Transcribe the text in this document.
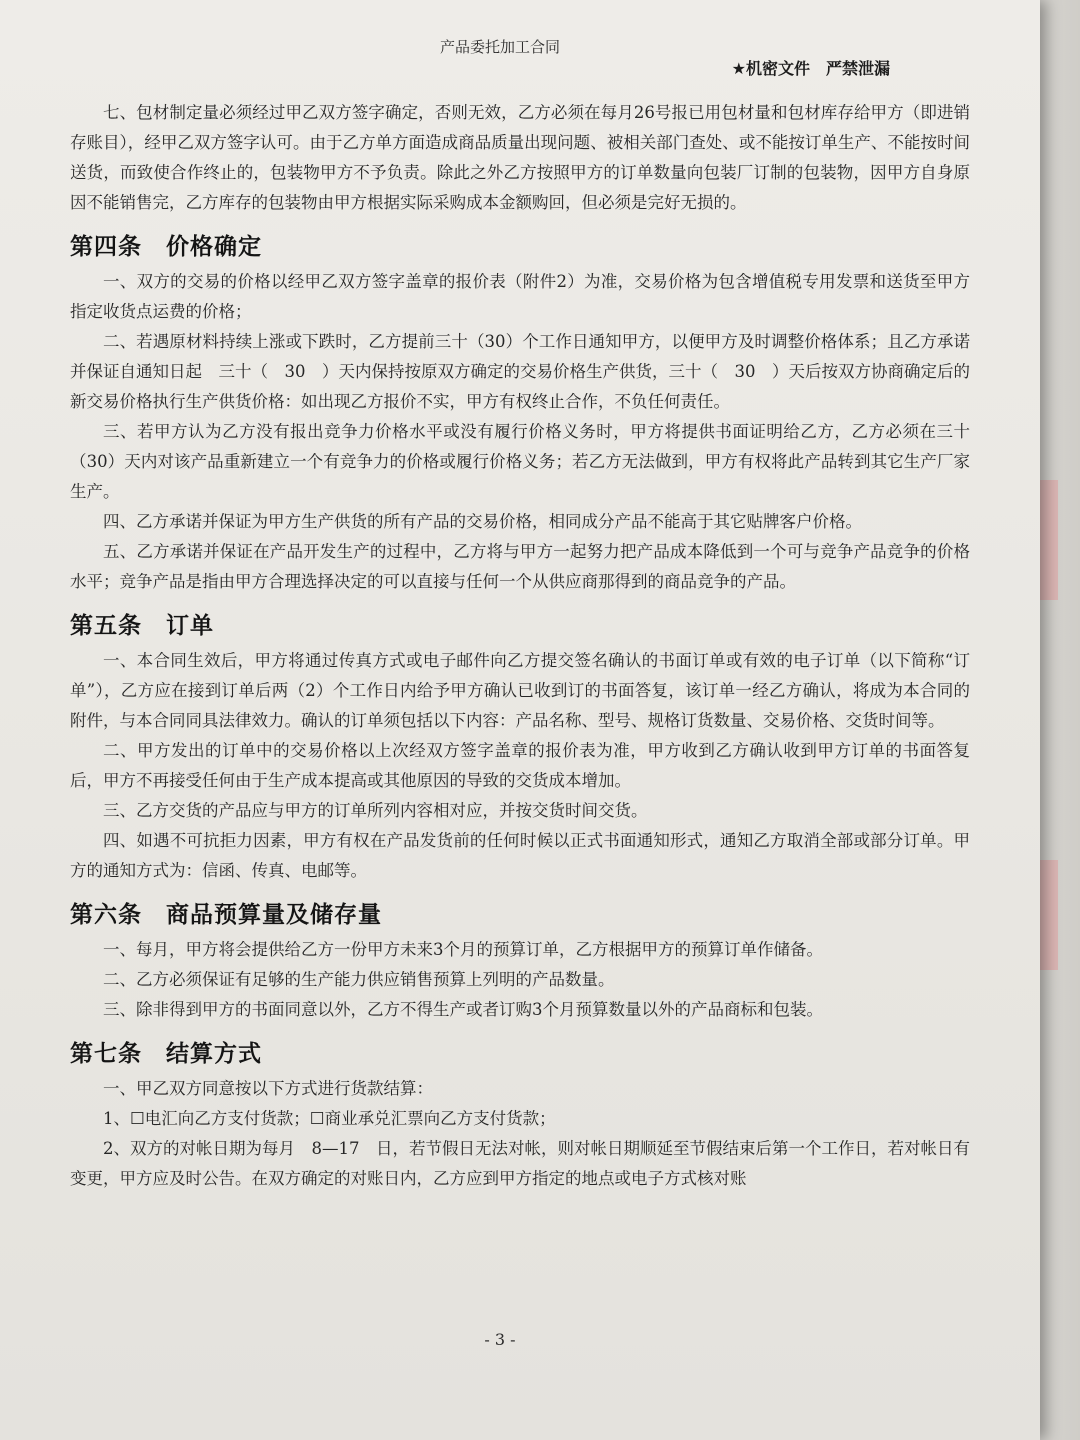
产品委托加工合同
★机密文件　严禁泄漏

七、包材制定量必须经过甲乙双方签字确定，否则无效，乙方必须在每月26号报已用包材量和包材库存给甲方（即进销存账目），经甲乙双方签字认可。由于乙方单方面造成商品质量出现问题、被相关部门查处、或不能按订单生产、不能按时间送货，而致使合作终止的，包装物甲方不予负责。除此之外乙方按照甲方的订单数量向包装厂订制的包装物，因甲方自身原因不能销售完，乙方库存的包装物由甲方根据实际采购成本金额购回，但必须是完好无损的。

第四条　价格确定

一、双方的交易的价格以经甲乙双方签字盖章的报价表（附件2）为准，交易价格为包含增值税专用发票和送货至甲方指定收货点运费的价格；

二、若遇原材料持续上涨或下跌时，乙方提前三十（30）个工作日通知甲方，以便甲方及时调整价格体系；且乙方承诺并保证自通知日起　三十（　30　）天内保持按原双方确定的交易价格生产供货，三十（　30　）天后按双方协商确定后的新交易价格执行生产供货价格：如出现乙方报价不实，甲方有权终止合作，不负任何责任。

三、若甲方认为乙方没有报出竞争力价格水平或没有履行价格义务时，甲方将提供书面证明给乙方，乙方必须在三十（30）天内对该产品重新建立一个有竞争力的价格或履行价格义务；若乙方无法做到，甲方有权将此产品转到其它生产厂家生产。

四、乙方承诺并保证为甲方生产供货的所有产品的交易价格，相同成分产品不能高于其它贴牌客户价格。

五、乙方承诺并保证在产品开发生产的过程中，乙方将与甲方一起努力把产品成本降低到一个可与竞争产品竞争的价格水平；竞争产品是指由甲方合理选择决定的可以直接与任何一个从供应商那得到的商品竞争的产品。

第五条　订单

一、本合同生效后，甲方将通过传真方式或电子邮件向乙方提交签名确认的书面订单或有效的电子订单（以下简称“订单”），乙方应在接到订单后两（2）个工作日内给予甲方确认已收到订的书面答复，该订单一经乙方确认，将成为本合同的附件，与本合同同具法律效力。确认的订单须包括以下内容：产品名称、型号、规格订货数量、交易价格、交货时间等。

二、甲方发出的订单中的交易价格以上次经双方签字盖章的报价表为准，甲方收到乙方确认收到甲方订单的书面答复后，甲方不再接受任何由于生产成本提高或其他原因的导致的交货成本增加。

三、乙方交货的产品应与甲方的订单所列内容相对应，并按交货时间交货。

四、如遇不可抗拒力因素，甲方有权在产品发货前的任何时候以正式书面通知形式，通知乙方取消全部或部分订单。甲方的通知方式为：信函、传真、电邮等。

第六条　商品预算量及储存量

一、每月，甲方将会提供给乙方一份甲方未来3个月的预算订单，乙方根据甲方的预算订单作储备。

二、乙方必须保证有足够的生产能力供应销售预算上列明的产品数量。

三、除非得到甲方的书面同意以外，乙方不得生产或者订购3个月预算数量以外的产品商标和包装。

第七条　结算方式

一、甲乙双方同意按以下方式进行货款结算：

1、☐电汇向乙方支付货款；☐商业承兑汇票向乙方支付货款；

2、双方的对帐日期为每月　8—17　日，若节假日无法对帐，则对帐日期顺延至节假结束后第一个工作日，若对帐日有变更，甲方应及时公告。在双方确定的对账日内，乙方应到甲方指定的地点或电子方式核对账

- 3 -
